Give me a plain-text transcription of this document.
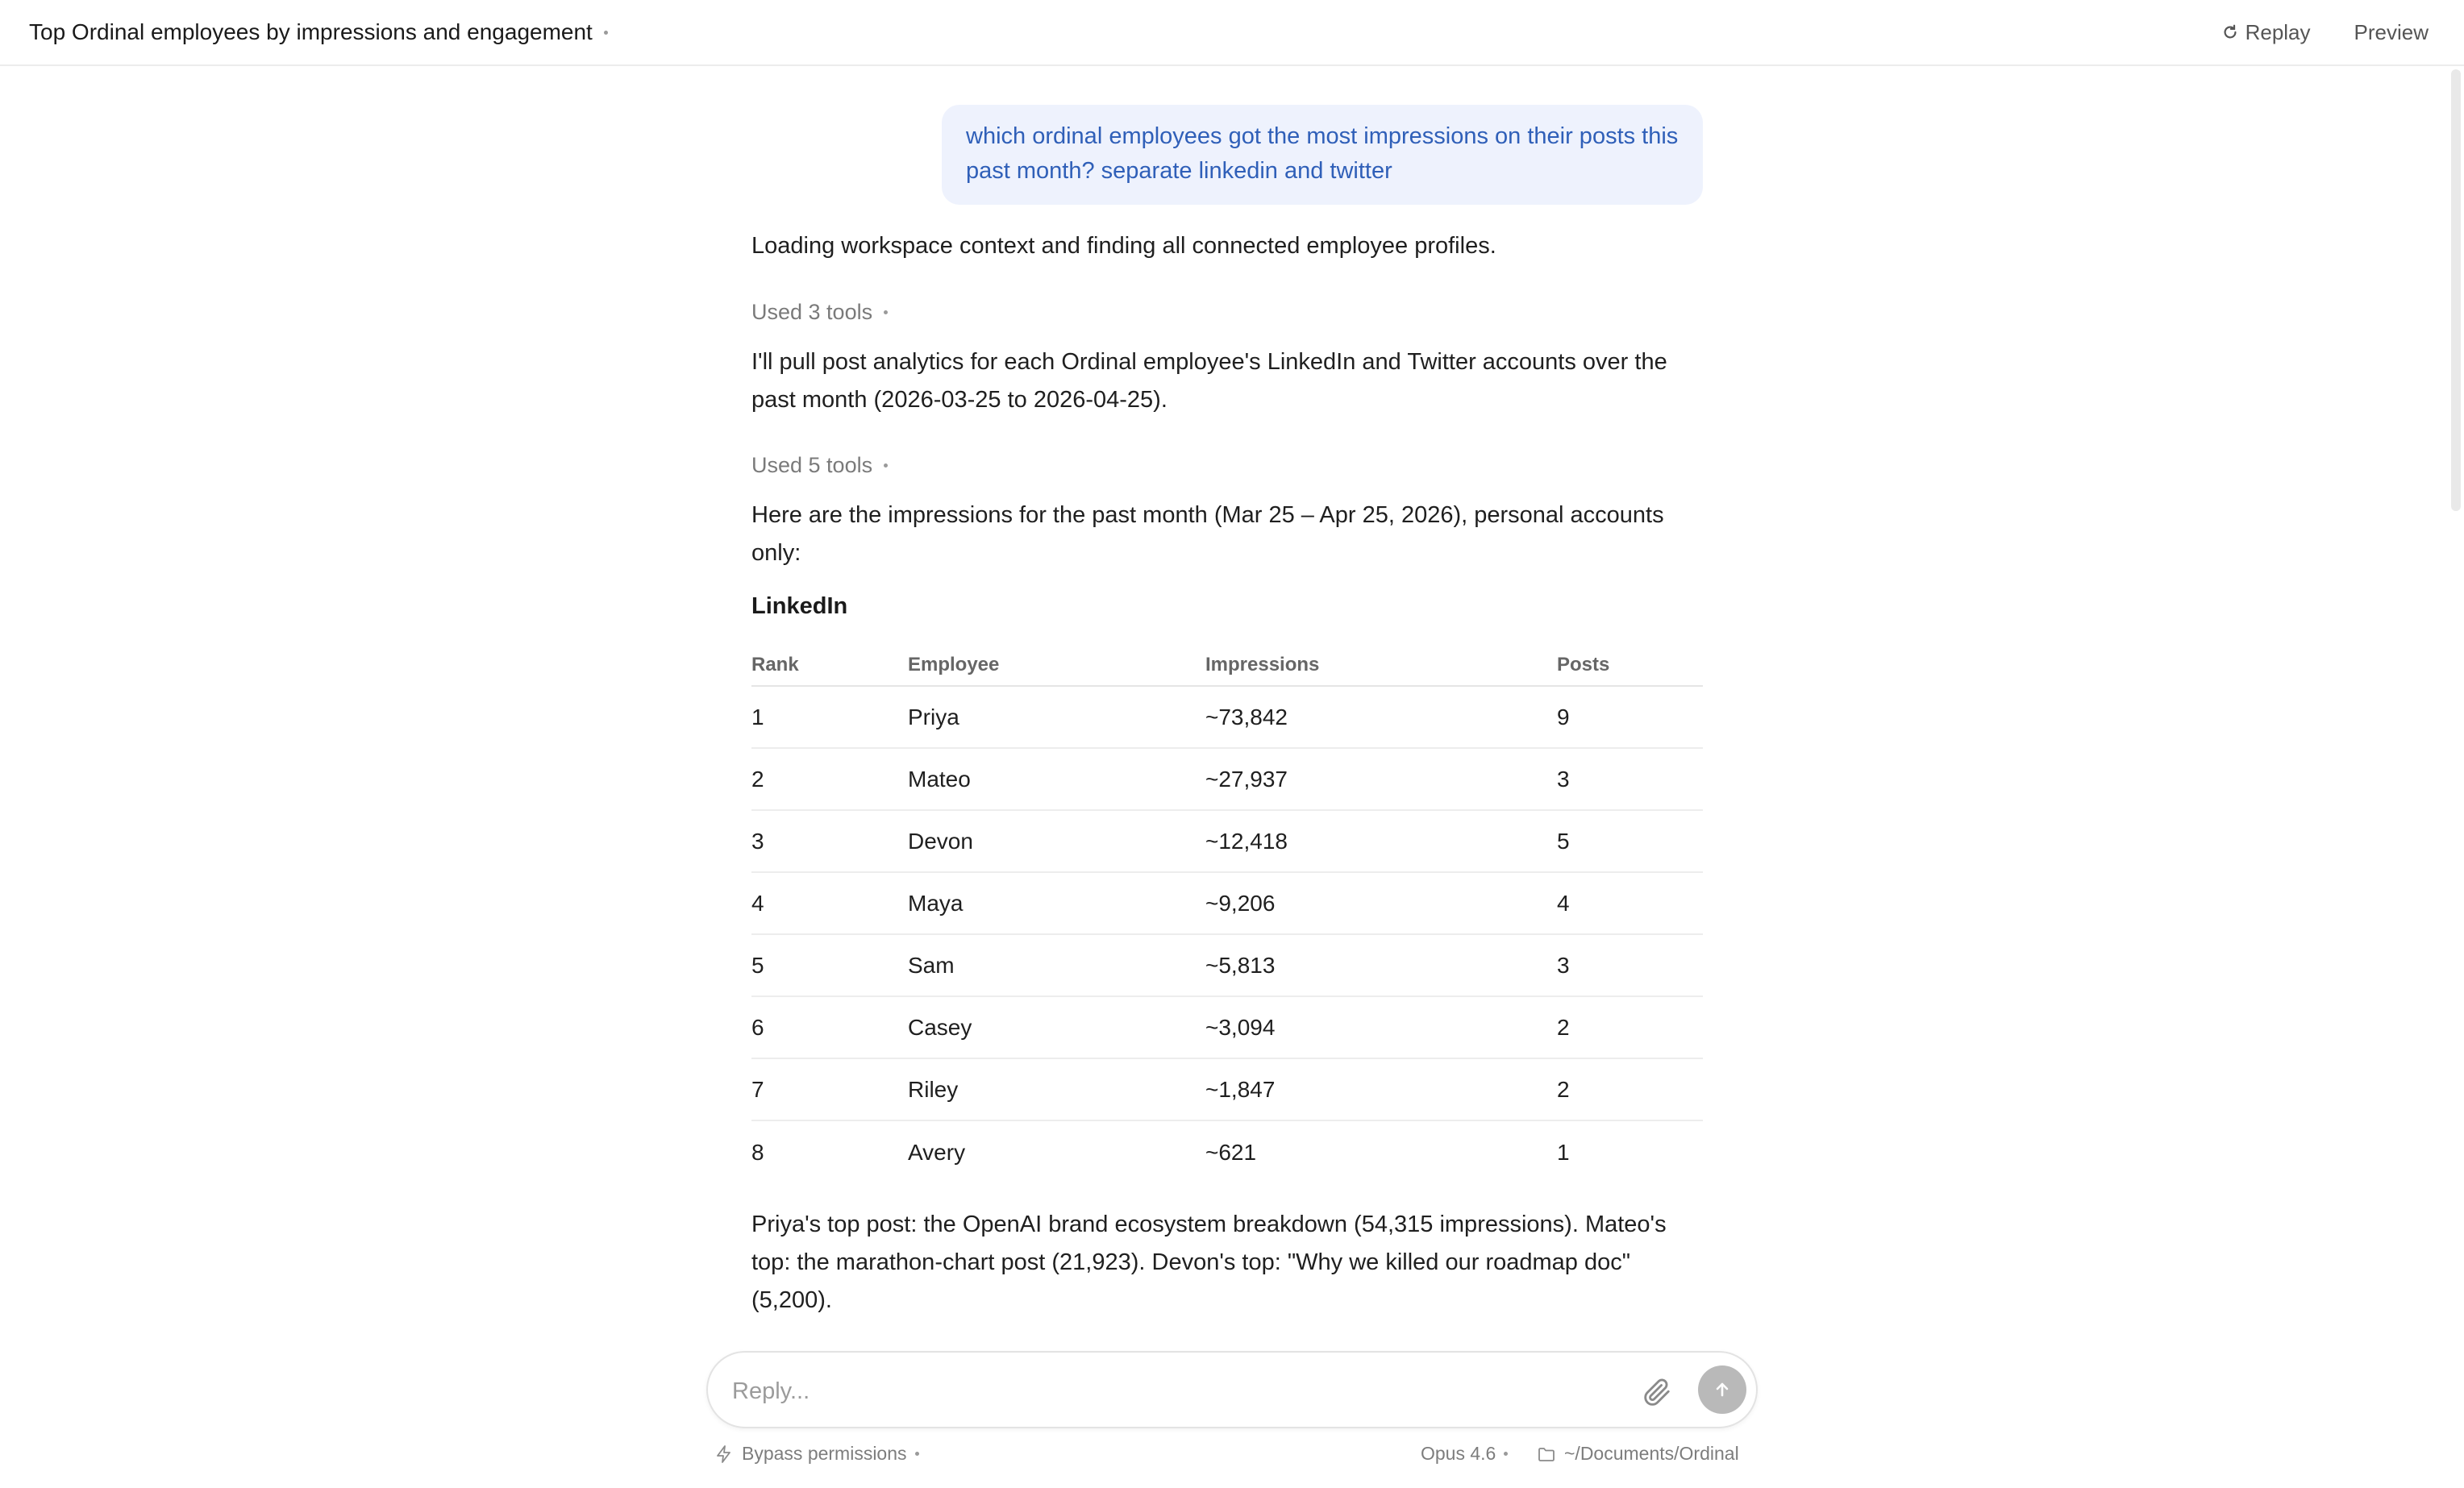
Top Ordinal employees by impressions and engagement	Replay Preview
which ordinal employees got the most impressions on their posts this past month? separate linkedin and twitter
Loading workspace context and finding all connected employee profiles.
Used 3 tools
I'll pull post analytics for each Ordinal employee's LinkedIn and Twitter accounts over the past month (2026-03-25 to 2026-04-25).
Used 5 tools
Here are the impressions for the past month (Mar 25 – Apr 25, 2026), personal accounts only:
LinkedIn
Rank	Employee	Impressions	Posts
1	Priya	~73,842	9
2	Mateo	~27,937	3
3	Devon	~12,418	5
4	Maya	~9,206	4
5	Sam	~5,813	3
6	Casey	~3,094	2
7	Riley	~1,847	2
8	Avery	~621	1
Priya's top post: the OpenAI brand ecosystem breakdown (54,315 impressions). Mateo's top: the marathon-chart post (21,923). Devon's top: "Why we killed our roadmap doc" (5,200).
Reply...
Bypass permissions	Opus 4.6	~/Documents/Ordinal
